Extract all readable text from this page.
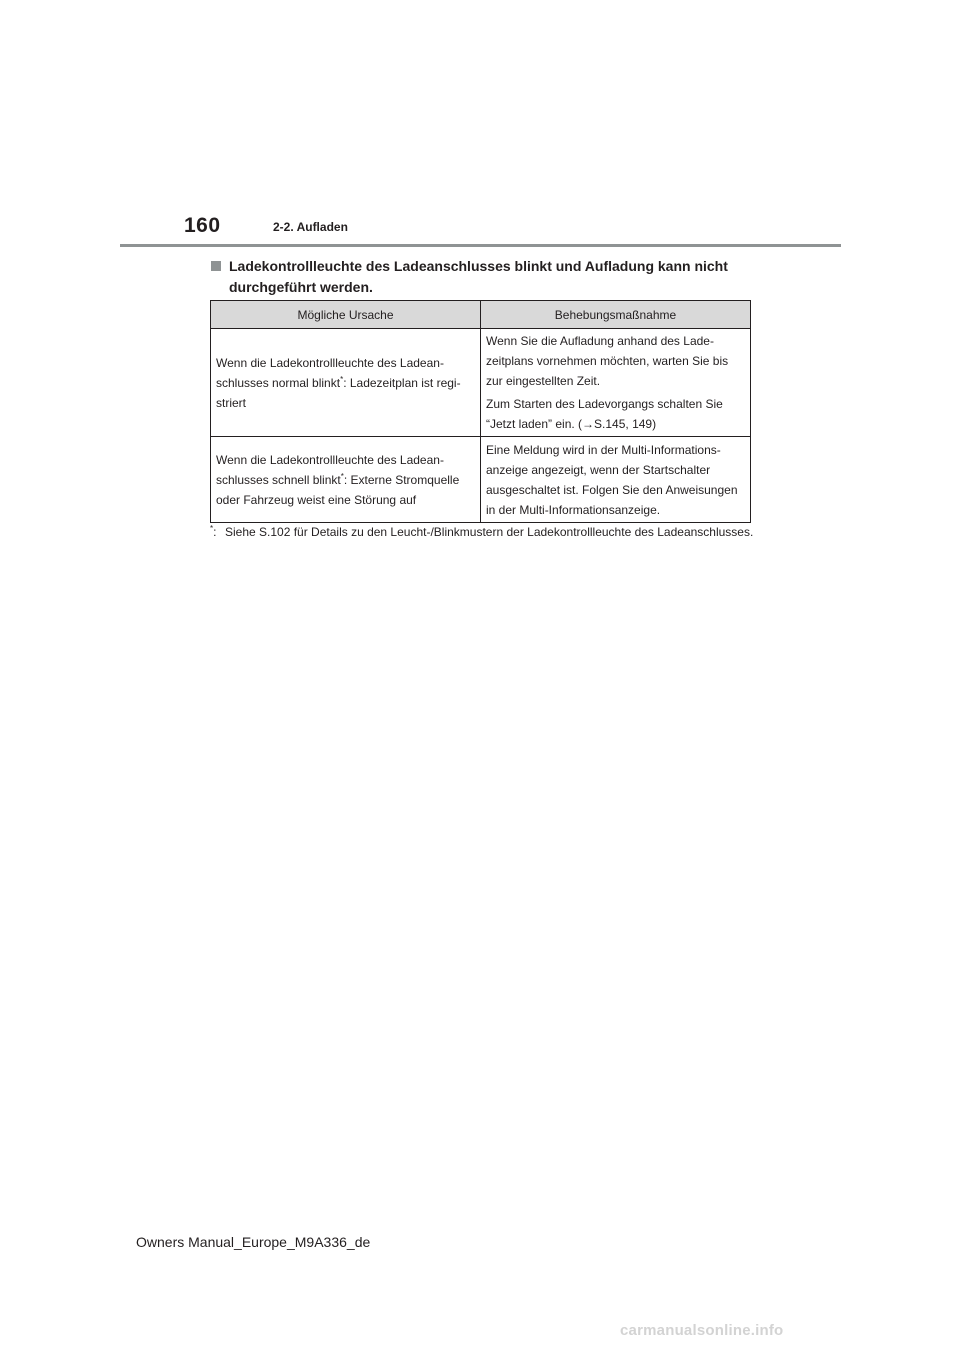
160	2-2. Aufladen
Ladekontrollleuchte des Ladeanschlusses blinkt und Aufladung kann nicht durchgeführt werden.
Mögliche Ursache	Behebungsmaßnahme
Wenn die Ladekontrollleuchte des Ladeanschlusses normal blinkt*: Ladezeitplan ist registriert	Wenn Sie die Aufladung anhand des Ladezeitplans vornehmen möchten, warten Sie bis zur eingestellten Zeit.

Zum Starten des Ladevorgangs schalten Sie “Jetzt laden” ein. (→S.145, 149)

Wenn die Ladekontrollleuchte des Ladeanschlusses schnell blinkt*: Externe Stromquelle oder Fahrzeug weist eine Störung auf	Eine Meldung wird in der Multi-Informationsanzeige angezeigt, wenn der Startschalter ausgeschaltet ist. Folgen Sie den Anweisungen in der Multi-Informationsanzeige.

*: Siehe S.102 für Details zu den Leucht-/Blinkmustern der Ladekontrollleuchte des Ladeanschlusses.
Owners Manual_Europe_M9A336_de
carmanualsonline.info
